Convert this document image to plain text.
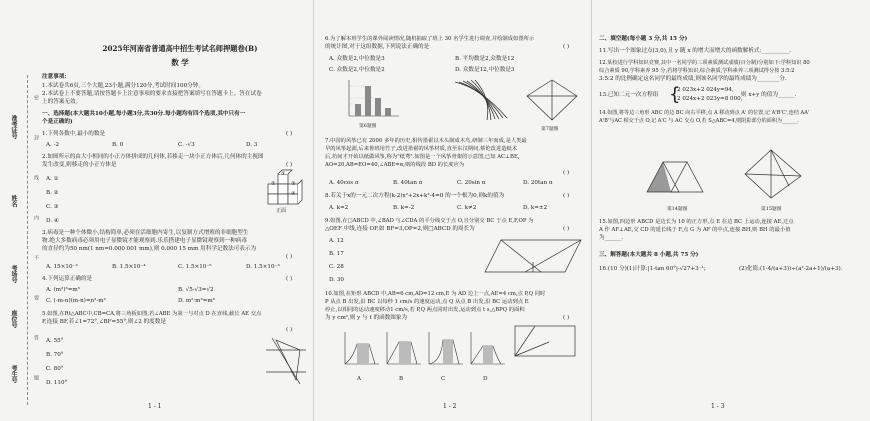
准考证号
姓名
考场号
座位号
考生号
密
封
线
内
不
要
答
题
2025年河南省普通高中招生考试名师押题卷(B)
数 学
注意事项:
1.本试卷共6页,三个大题,23小题,满分120分,考试时间100分钟。
2.本试卷上不要答题,请按答题卡上注意事项的要求直接把答案填写在答题卡上。答在试卷
上的答案无效。
一、选择题(本大题共10小题,每小题3分,共30分.每小题均有四个选项,其中只有一
个是正确的)
1.下列各数中,最小的数是	( )
A. -2	B. 0	C. -√3	D. 3
2.如图所示的由大小相同的小正方体拼成的几何体,若移走一块小正方体后,几何体的主视图
发生改变,则移走的小正方体是	( )
A. ①
B. ②
C. ③
D. ④
①
②	③
④
正面
3.病毒是一种个体微小,结构简单,必须在活细胞内寄生,以复制方式增殖的非细胞型生
物.绝大多数病毒必须用电子显微镜才能观察到.乐乐搭建电子显微镜观察到一种病毒
的直径约为50 nm(1 nm=0.000 001 mm),则 0.000 15 mm 用科学记数法可表示为
( )
A. 15×10⁻³	B. 1.5×10⁻⁴	C. 1.5×10⁻⁵	D. 1.5×10⁻³
4.下列运算正确的是	( )
A. (m²)³=m⁵	B. √5-√3=√2
C. (-m-n)(m-n)=n²-m²	D. m²·m³=m⁶
5.如图,在Rt△ABC中,CB=CA,将三角板如图,若∠ABE 为第一与对点 D 在直线,截长 AE 交点
F,连接 BF,若∠1=72°,∠BF=55°,则∠2 的度数是
( )
A. 55°
B. 70°
C. 80°
D. 110°
1 - 1
6.为了解本班学生的课外阅读情况,随机抽取了班上 30 名学生进行调查,并绘制成如图所示
的统计图,对于这组数据,下列说法正确的是	( )
A. 众数是2,中位数是3	B. 平均数是2,众数是12
C. 众数是2,中位数是2	D. 众数是12,中位数是3
第6题图
第7题图
7.中国的风筝已有 2000 多年的历史,相传墨翟以木头制成木鸟,研制三年而成,是人类最
早的风筝起源,后来鲁班用竹子,改进墨翟的风筝材质,直至东汉期间,蔡伦改进造纸术
后,坊间才开始以纸做风筝,称为"纸鸢".如图是一个风筝骨架的示意图,已知 AC⊥BE,
AO=20,AB=EO=40,∠ABE=α,则的线段 BD 的长度应为
( )
A. 40cos α	B. 40tan α	C. 20sin α	D. 20tan α
8.若关于x的一元二次方程(k-2)x²+2x+k²-4=0 的一个根为0,则k的值为	( )
A. k=2	B. k=-2	C. k≠2	D. k=±2
9.如图,在□ABCD 中,∠BAD 与∠CDA 的平分线交于点 O,且分别交 BC 于点 E,F,OP 为
△OEF 中线,连接 OF,如 BF=3,OP=2,则□ABCD 的周长为	( )
A. 12
B. 17
C. 28
D. 30
10.如图,在矩形 ABCD 中,AB=6 cm,AD=12 cm,E 为 AD 边上一点,AE=4 cm,点 P,Q 同时
P 从点 B 出发,沿 BC 以每秒 1 cm/s 的速度运动,点 Q 从点 B 出发,沿 BC 运动到点 E
停止,以相同的运动速度移动1 cm/s,若 P,Q 两点同时出发,运动到点 t s,△BPQ 的面积
为 y cm²,则 y 与 t 的函数图象为	( )
A	B	C	D
1 - 2
二、填空题(每小题 3 分,共 15 分)
11.写出一个图象过点(3,0),且 y 随 x 的增大而增大的函数解析式:__________.
12.某校进行学科知识竞赛,其中一名同学的三项素质测试成绩(百分制)分别如下:学科知识 80
综合素质 90,学科素养 95 分,若将学科知识,综合素质,学科素养三项测试得分按 3:5:2
3:5:2 的比例确定这名同学的最终成绩,则该名同学的最终成绩为________分.
13.已知二元一次方程组 {
2 023x+2 024y=94,
2 024x+2 023y=8 000,
则 x+y 的值为______.
14.如图,将等边三角形 ABC 的边 BC 向右平移,点 A 移动到点 A' 的位置,记 A'B'C',连结 AA'
A'B'与AC 相交于点 O,记 A'C 与 AC 交点 O,若 S△ABC=4,则阴影部分的面积为______.
第14题图	第15题图
15.如图,四边形 ABCD 是边长为 10 的正方形,点 E 在边 BC 上运动,连接 AE,过点
A 作 AF⊥AE,交 CD 的延长线于 F,点 G 为 AF 的中点,连接 BH,则 BH 的最小值
为______.
三、解答题(本大题共 8 小题,共 75 分)
16.(10 分)(1)计算:|1-tan 60°|-√27+3⁻¹;	(2)化简:(1-4/(a+3))÷(a²-2a+1)/(a+3).
1 - 3
